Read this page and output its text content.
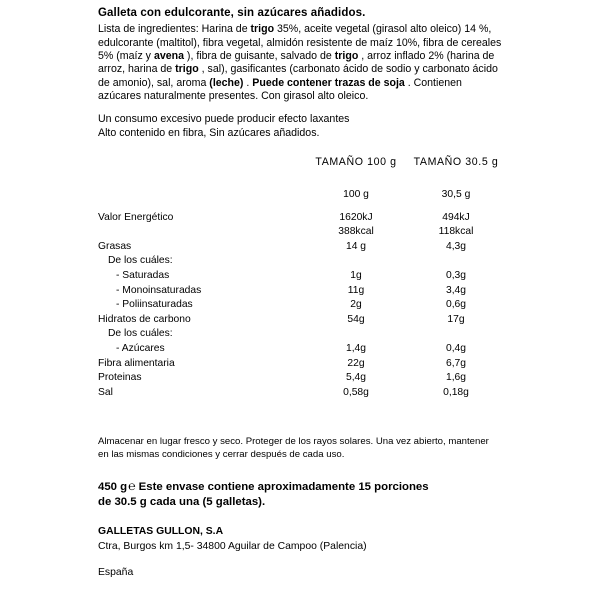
Galleta con edulcorante, sin azúcares añadidos.
Lista de ingredientes: Harina de trigo 35%, aceite vegetal (girasol alto oleico) 14 %, edulcorante (maltitol), fibra vegetal, almidón resistente de maíz 10%, fibra de cereales 5% (maíz y avena ), fibra de guisante, salvado de trigo , arroz inflado 2% (harina de arroz, harina de trigo , sal), gasificantes (carbonato ácido de sodio y carbonato ácido de amonio), sal, aroma (leche) . Puede contener trazas de soja . Contienen azúcares naturalmente presentes. Con girasol alto oleico.
Un consumo excesivo puede producir efecto laxantes
Alto contenido en fibra, Sin azúcares añadidos.
	TAMAÑO 100 g	TAMAÑO 30.5 g
	100 g	30,5 g

Valor Energético	1620kJ	494kJ
	388kcal	118kcal
Grasas	14 g	4,3g
De los cuáles:		
- Saturadas	1g	0,3g
- Monoinsaturadas	11g	3,4g
- Poliinsaturadas	2g	0,6g
Hidratos de carbono	54g	17g
De los cuáles:		
- Azúcares	1,4g	0,4g
Fibra alimentaria	22g	6,7g
Proteinas	5,4g	1,6g
Sal	0,58g	0,18g
Almacenar en lugar fresco y seco. Proteger de los rayos solares. Una vez abierto, mantener en las mismas condiciones y cerrar después de cada uso.
450 g℮ Este envase contiene aproximadamente 15 porciones
de 30.5 g cada una (5 galletas).
GALLETAS GULLON, S.A
Ctra, Burgos km 1,5- 34800 Aguilar de Campoo (Palencia)
España
